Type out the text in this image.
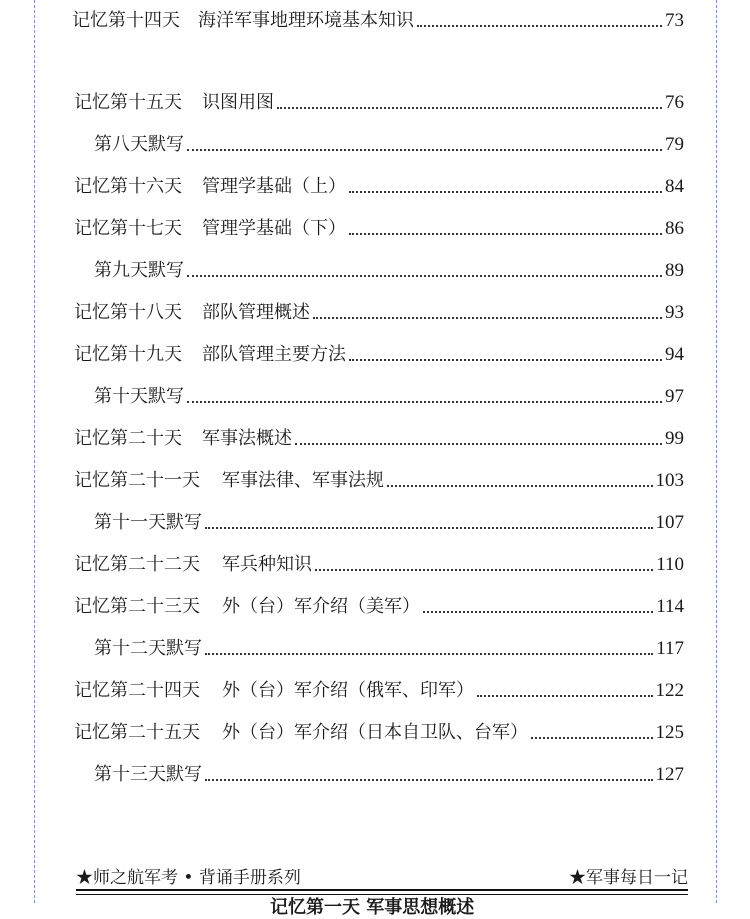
记忆第十四天 海洋军事地理环境基本知识	73
记忆第十五天 识图用图	76
第八天默写	79
记忆第十六天 管理学基础（上）	84
记忆第十七天 管理学基础（下）	86
第九天默写	89
记忆第十八天 部队管理概述	93
记忆第十九天 部队管理主要方法	94
第十天默写	97
记忆第二十天 军事法概述	99
记忆第二十一天 军事法律、军事法规	103
第十一天默写	107
记忆第二十二天 军兵种知识	110
记忆第二十三天 外（台）军介绍（美军）	114
第十二天默写	117
记忆第二十四天 外（台）军介绍（俄军、印军）	122
记忆第二十五天 外（台）军介绍（日本自卫队、台军）	125
第十三天默写	127
★师之航军考 • 背诵手册系列	★军事每日一记
记忆第一天 军事思想概述
